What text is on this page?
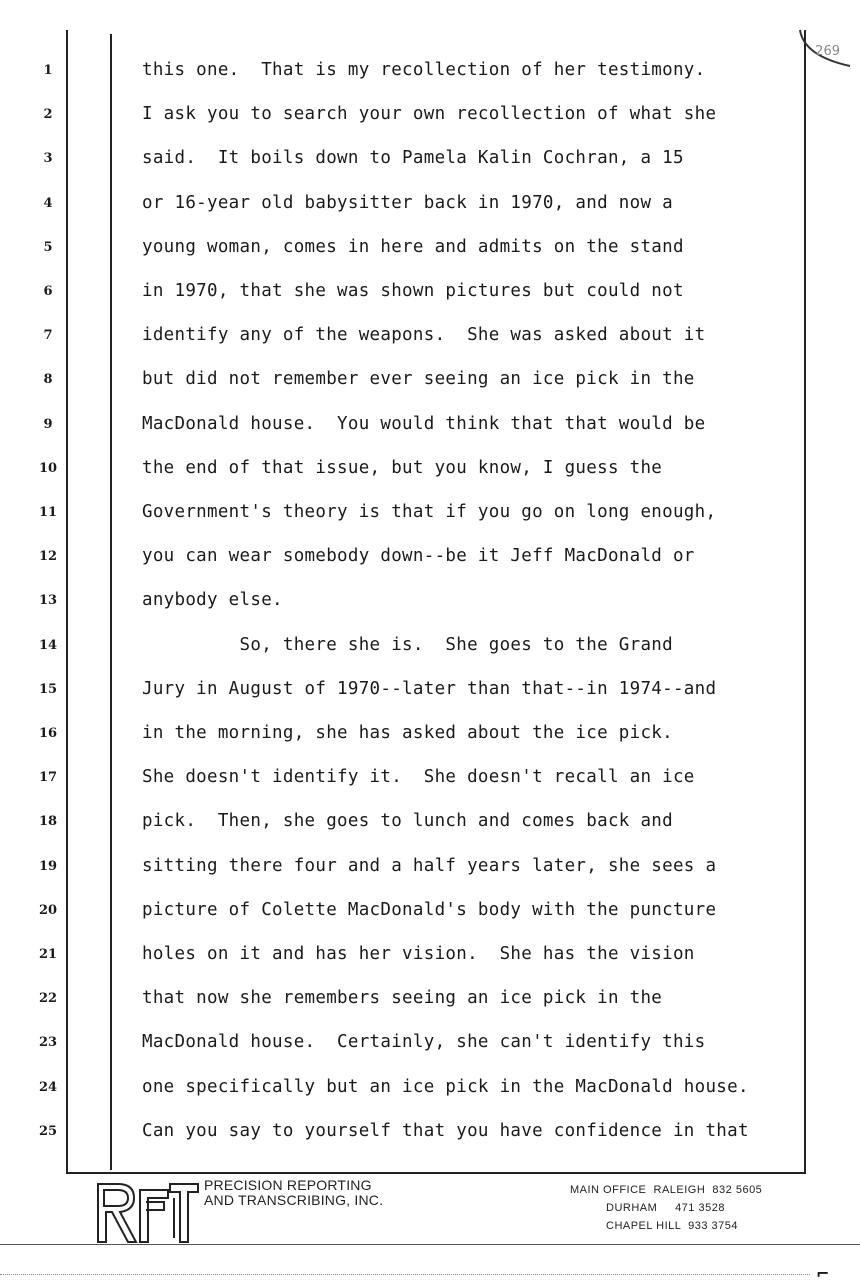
269
1	this one.  That is my recollection of her testimony.
2	I ask you to search your own recollection of what she
3	said.  It boils down to Pamela Kalin Cochran, a 15
4	or 16-year old babysitter back in 1970, and now a
5	young woman, comes in here and admits on the stand
6	in 1970, that she was shown pictures but could not
7	identify any of the weapons.  She was asked about it
8	but did not remember ever seeing an ice pick in the
9	MacDonald house.  You would think that that would be
10	the end of that issue, but you know, I guess the
11	Government's theory is that if you go on long enough,
12	you can wear somebody down--be it Jeff MacDonald or
13	anybody else.
14	So, there she is.  She goes to the Grand
15	Jury in August of 1970--later than that--in 1974--and
16	in the morning, she has asked about the ice pick.
17	She doesn't identify it.  She doesn't recall an ice
18	pick.  Then, she goes to lunch and comes back and
19	sitting there four and a half years later, she sees a
20	picture of Colette MacDonald's body with the puncture
21	holes on it and has her vision.  She has the vision
22	that now she remembers seeing an ice pick in the
23	MacDonald house.  Certainly, she can't identify this
24	one specifically but an ice pick in the MacDonald house.
25	Can you say to yourself that you have confidence in that
PRECISION REPORTING
AND TRANSCRIBING, INC.
MAIN OFFICE  RALEIGH 832 5605
DURHAM 471 3528
CHAPEL HILL 933 3754
⌐
